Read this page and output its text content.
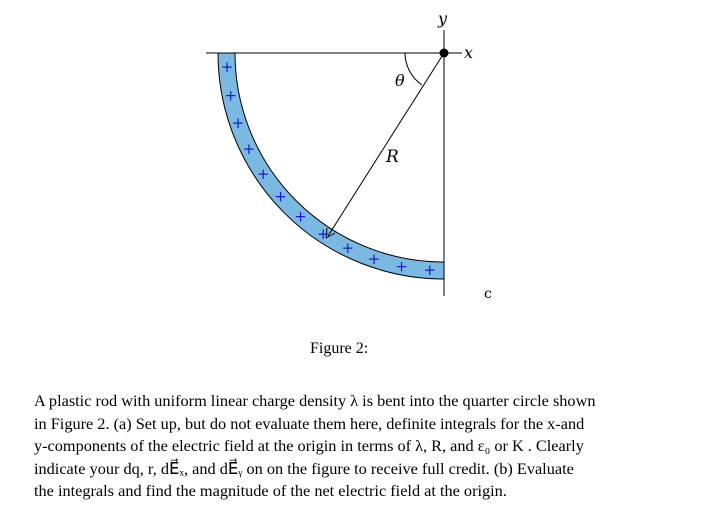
y
x
θ
R
c
+
+
+
+
+
+
+
+
+
+ + +
Figure 2:
A plastic rod with uniform linear charge density λ is bent into the quarter circle shown
in Figure 2. (a) Set up, but do not evaluate them here, definite integrals for the x-and
y-components of the electric field at the origin in terms of λ, R, and ε₀ or K . Clearly
indicate your dq, r, dE⃗ₓ, and dE⃗ᵧ on on the figure to receive full credit. (b) Evaluate
the integrals and find the magnitude of the net electric field at the origin.
